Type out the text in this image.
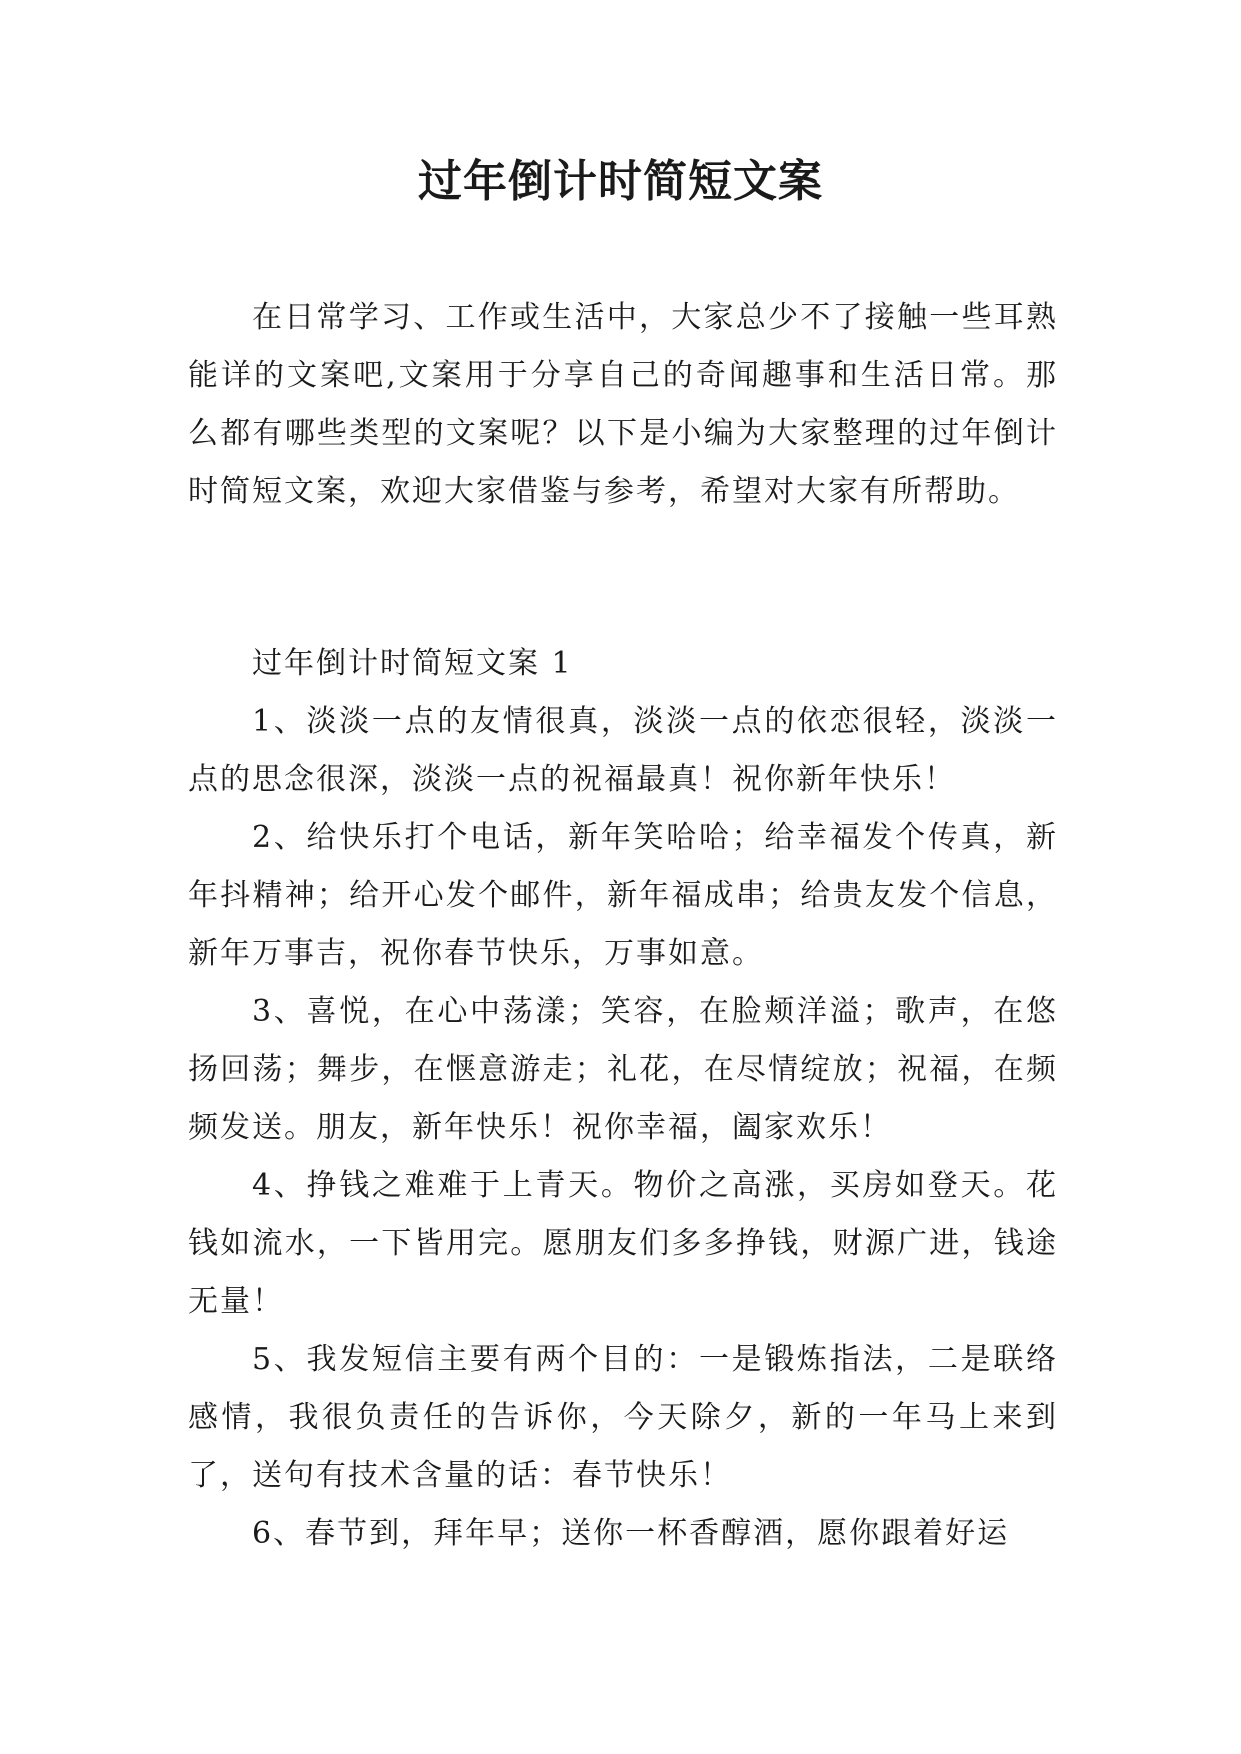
过年倒计时简短文案

在日常学习、工作或生活中，大家总少不了接触一些耳熟能详的文案吧,文案用于分享自己的奇闻趣事和生活日常。那么都有哪些类型的文案呢？以下是小编为大家整理的过年倒计时简短文案，欢迎大家借鉴与参考，希望对大家有所帮助。

过年倒计时简短文案 1

1、淡淡一点的友情很真，淡淡一点的依恋很轻，淡淡一点的思念很深，淡淡一点的祝福最真！祝你新年快乐！

2、给快乐打个电话，新年笑哈哈；给幸福发个传真，新年抖精神；给开心发个邮件，新年福成串；给贵友发个信息，新年万事吉，祝你春节快乐，万事如意。

3、喜悦，在心中荡漾；笑容，在脸颊洋溢；歌声，在悠扬回荡；舞步，在惬意游走；礼花，在尽情绽放；祝福，在频频发送。朋友，新年快乐！祝你幸福，阖家欢乐！

4、挣钱之难难于上青天。物价之高涨，买房如登天。花钱如流水，一下皆用完。愿朋友们多多挣钱，财源广进，钱途无量！

5、我发短信主要有两个目的：一是锻炼指法，二是联络感情，我很负责任的告诉你，今天除夕，新的一年马上来到了，送句有技术含量的话：春节快乐！

6、春节到，拜年早；送你一杯香醇酒，愿你跟着好运
